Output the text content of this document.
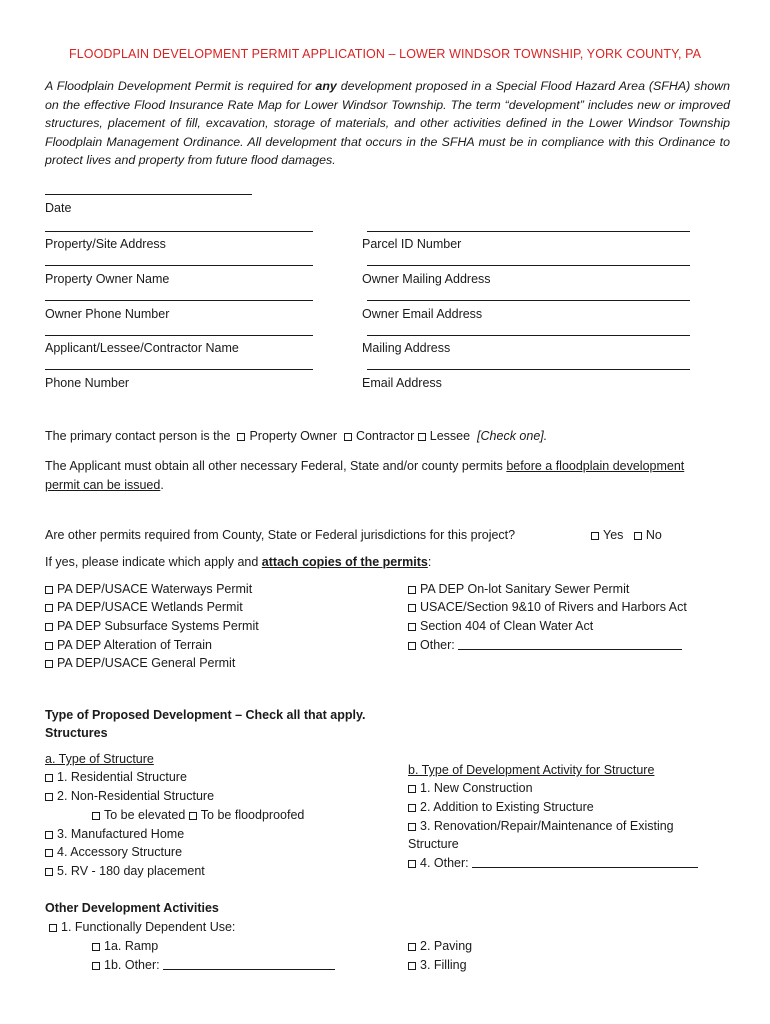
FLOODPLAIN DEVELOPMENT PERMIT APPLICATION – LOWER WINDSOR TOWNSHIP, YORK COUNTY, PA
A Floodplain Development Permit is required for any development proposed in a Special Flood Hazard Area (SFHA) shown on the effective Flood Insurance Rate Map for Lower Windsor Township. The term “development” includes new or improved structures, placement of fill, excavation, storage of materials, and other activities defined in the Lower Windsor Township Floodplain Management Ordinance. All development that occurs in the SFHA must be in compliance with this Ordinance to protect lives and property from future flood damages.
Date
Property/Site Address	Parcel ID Number
Property Owner Name	Owner Mailing Address
Owner Phone Number	Owner Email Address
Applicant/Lessee/Contractor Name	Mailing Address
Phone Number	Email Address
The primary contact person is the Property Owner Contractor Lessee [Check one].
The Applicant must obtain all other necessary Federal, State and/or county permits before a floodplain development
permit can be issued.
Are other permits required from County, State or Federal jurisdictions for this project?	Yes No
If yes, please indicate which apply and attach copies of the permits:
PA DEP/USACE Waterways Permit
PA DEP/USACE Wetlands Permit
PA DEP Subsurface Systems Permit
PA DEP Alteration of Terrain
PA DEP/USACE General Permit
PA DEP On-lot Sanitary Sewer Permit
USACE/Section 9&10 of Rivers and Harbors Act
Section 404 of Clean Water Act
Other:
Type of Proposed Development – Check all that apply.
Structures
a. Type of Structure
1. Residential Structure
2. Non-Residential Structure
To be elevated To be floodproofed
3. Manufactured Home
4. Accessory Structure
5. RV - 180 day placement
b. Type of Development Activity for Structure
1. New Construction
2. Addition to Existing Structure
3. Renovation/Repair/Maintenance of Existing
Structure
4. Other:
Other Development Activities
1. Functionally Dependent Use:
1a. Ramp
1b. Other:
2. Paving
3. Filling
